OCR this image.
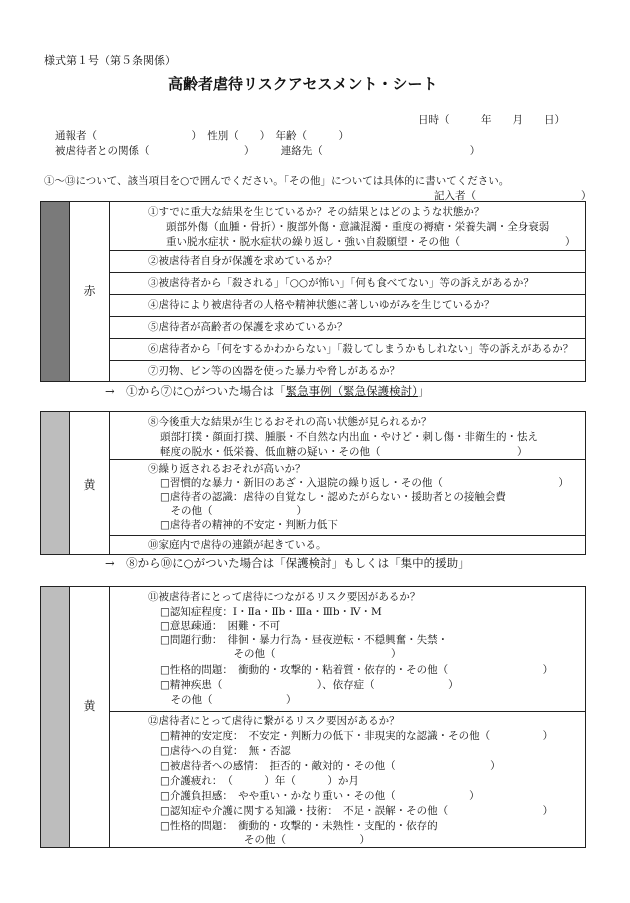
様式第１号（第５条関係）
高齢者虐待リスクアセスメント・シート
日時（　　　年　　月　　日）
通報者（　　　　　　　　　）　性別（　　）　年齢（　　　）
被虐待者との関係（　　　　　　　　　）　　　連絡先（　　　　　　　　　　　　　　）
①～⑬について、該当項目を○で囲んでください。「その他」については具体的に書いてください。
記入者（　　　　　　　　　　）
赤
①すでに重大な結果を生じているか？その結果とはどのような状態か？
頭部外傷（血腫・骨折）・腹部外傷・意識混濁・重度の褥瘡・栄養失調・全身衰弱
重い脱水症状・脱水症状の繰り返し・強い自殺願望・その他（　　　　　　　　　　）
②被虐待者自身が保護を求めているか？
③被虐待者から「殺される」「○○が怖い」「何も食べてない」等の訴えがあるか？
④虐待により被虐待者の人格や精神状態に著しいゆがみを生じているか？
⑤虐待者が高齢者の保護を求めているか？
⑥虐待者から「何をするかわからない」「殺してしまうかもしれない」等の訴えがあるか？
⑦刃物、ビン等の凶器を使った暴力や脅しがあるか？
→　①から⑦に○がついた場合は「緊急事例（緊急保護検討）」
黄
⑧今後重大な結果が生じるおそれの高い状態が見られるか？
頭部打撲・顔面打撲、腫脹・不自然な内出血・やけど・刺し傷・非衛生的・怯え
軽度の脱水・低栄養、低血糖の疑い・その他（　　　　　　　　　　　　　）
⑨繰り返されるおそれが高いか？
□習慣的な暴力・新旧のあざ・入退院の繰り返し・その他（　　　　　　　　　　　）
□虐待者の認識：虐待の自覚なし・認めたがらない・援助者との接触会費
　その他（　　　　　　　　）
□虐待者の精神的不安定・判断力低下
⑩家庭内で虐待の連鎖が起きている。
→　⑧から⑩に○がついた場合は「保護検討」もしくは「集中的援助」
黄
⑪被虐待者にとって虐待につながるリスク要因があるか？
□認知症程度：Ⅰ・Ⅱa・Ⅱb・Ⅲa・Ⅲb・Ⅳ・M
□意思疎通：　困難・不可
□問題行動：　徘徊・暴力行為・昼夜逆転・不穏興奮・失禁・
　　　　　　　その他（　　　　　　　　　　　）
□性格的問題：　衝動的・攻撃的・粘着質・依存的・その他（　　　　　　　　　）
□精神疾患（　　　　　　　　　）、依存症（　　　　　　　）
　その他（　　　　　　　）
⑫虐待者にとって虐待に繋がるリスク要因があるか？
□精神的安定度：　不安定・判断力の低下・非現実的な認識・その他（　　　　　）
□虐待への自覚：　無・否認
□被虐待者への感情：　拒否的・敵対的・その他（　　　　　　　　　）
□介護疲れ：　（　　　）年（　　　）か月
□介護負担感：　やや重い・かなり重い・その他（　　　　　　　）
□認知症や介護に関する知識・技術：　不足・誤解・その他（　　　　　　　　　）
□性格的問題：　衝動的・攻撃的・未熟性・支配的・依存的
　　　　　　　　その他（　　　　　　　）
